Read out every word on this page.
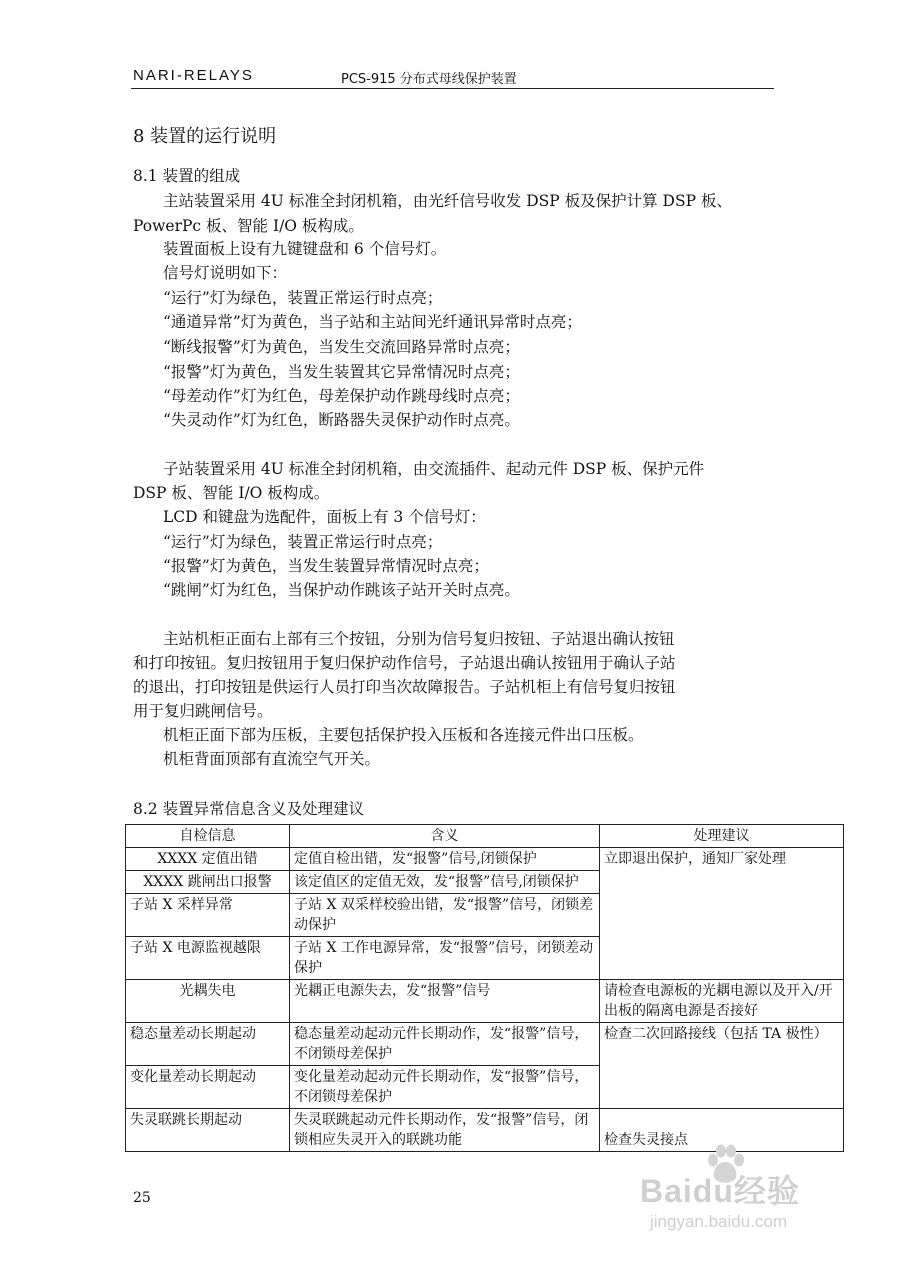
NARI-RELAYS	PCS-915 分布式母线保护装置
8 装置的运行说明
8.1 装置的组成
主站装置采用 4U 标准全封闭机箱，由光纤信号收发 DSP 板及保护计算 DSP 板、
PowerPc 板、智能 I/O 板构成。
装置面板上设有九键键盘和 6 个信号灯。
信号灯说明如下：
“运行”灯为绿色，装置正常运行时点亮；
“通道异常”灯为黄色，当子站和主站间光纤通讯异常时点亮；
“断线报警”灯为黄色，当发生交流回路异常时点亮；
“报警”灯为黄色，当发生装置其它异常情况时点亮；
“母差动作”灯为红色，母差保护动作跳母线时点亮；
“失灵动作”灯为红色，断路器失灵保护动作时点亮。
子站装置采用 4U 标准全封闭机箱，由交流插件、起动元件 DSP 板、保护元件
DSP 板、智能 I/O 板构成。
LCD 和键盘为选配件，面板上有 3 个信号灯：
“运行”灯为绿色，装置正常运行时点亮；
“报警”灯为黄色，当发生装置异常情况时点亮；
“跳闸”灯为红色，当保护动作跳该子站开关时点亮。
主站机柜正面右上部有三个按钮，分别为信号复归按钮、子站退出确认按钮
和打印按钮。复归按钮用于复归保护动作信号，子站退出确认按钮用于确认子站
的退出，打印按钮是供运行人员打印当次故障报告。子站机柜上有信号复归按钮
用于复归跳闸信号。
机柜正面下部为压板，主要包括保护投入压板和各连接元件出口压板。
机柜背面顶部有直流空气开关。
8.2 装置异常信息含义及处理建议
自检信息	含义	处理建议
XXXX 定值出错	定值自检出错，发“报警”信号,闭锁保护	立即退出保护，通知厂家处理
XXXX 跳闸出口报警	该定值区的定值无效，发“报警”信号,闭锁保护	
子站 X 采样异常	子站 X 双采样校验出错，发“报警”信号，闭锁差动保护	
子站 X 电源监视越限	子站 X 工作电源异常，发“报警”信号，闭锁差动保护	
光耦失电	光耦正电源失去，发“报警”信号	请检查电源板的光耦电源以及开入/开出板的隔离电源是否接好
稳态量差动长期起动	稳态量差动起动元件长期动作，发“报警”信号，不闭锁母差保护	检查二次回路接线（包括 TA 极性）
变化量差动长期起动	变化量差动起动元件长期动作，发“报警”信号，不闭锁母差保护	
失灵联跳长期起动	失灵联跳起动元件长期动作，发“报警”信号，闭锁相应失灵开入的联跳功能	检查失灵接点
25	Baidu经验
jingyan.baidu.com
